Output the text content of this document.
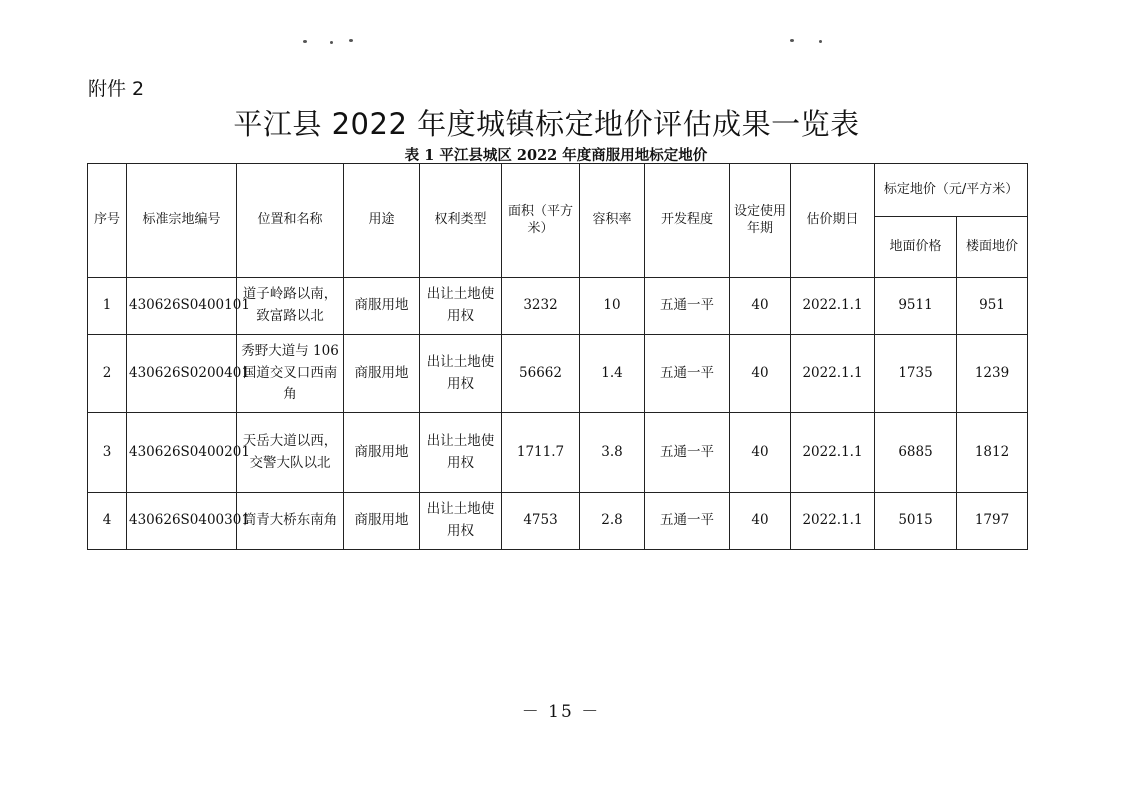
附件 2
平江县 2022 年度城镇标定地价评估成果一览表
表 1 平江县城区 2022 年度商服用地标定地价
序号	标准宗地编号	位置和名称	用途	权利类型	面积（平方米）	容积率	开发程度	设定使用年期	估价期日	标定地价（元/平方米）	
										地面价格	楼面地价
1	430626S0400101	道子岭路以南，致富路以北	商服用地	出让土地使用权	3232	10	五通一平	40	2022.1.1	9511	951
2	430626S0200401	秀野大道与 106 国道交叉口西南角	商服用地	出让土地使用权	56662	1.4	五通一平	40	2022.1.1	1735	1239
3	430626S0400201	天岳大道以西，交警大队以北	商服用地	出让土地使用权	1711.7	3.8	五通一平	40	2022.1.1	6885	1812
4	430626S0400301	筒青大桥东南角	商服用地	出让土地使用权	4753	2.8	五通一平	40	2022.1.1	5015	1797
－ 15 －
